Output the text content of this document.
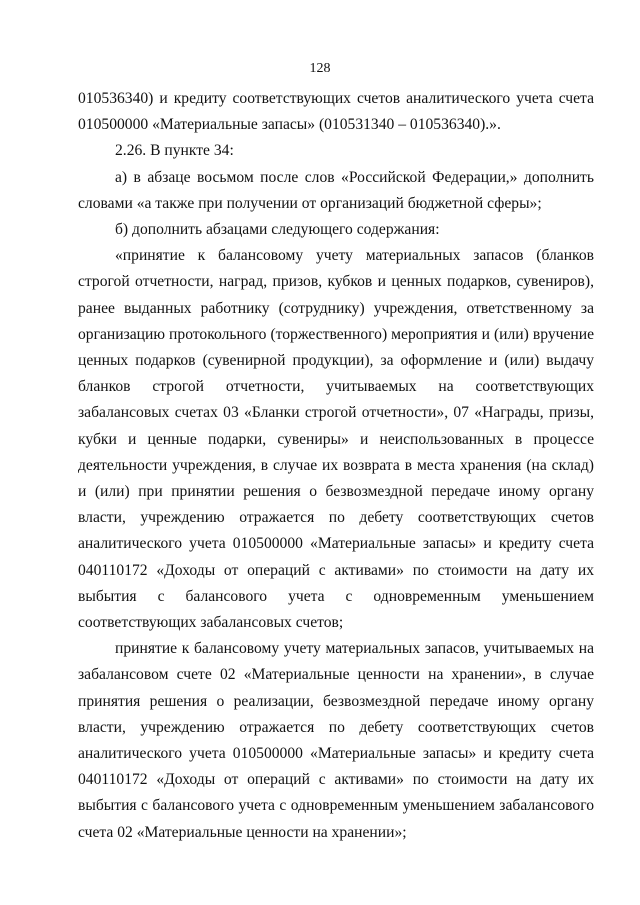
128

010536340) и кредиту соответствующих счетов аналитического учета счета 010500000 «Материальные запасы» (010531340 – 010536340).».

2.26. В пункте 34:

а) в абзаце восьмом после слов «Российской Федерации,» дополнить словами «а также при получении от организаций бюджетной сферы»;

б) дополнить абзацами следующего содержания:

«принятие к балансовому учету материальных запасов (бланков строгой отчетности, наград, призов, кубков и ценных подарков, сувениров), ранее выданных работнику (сотруднику) учреждения, ответственному за организацию протокольного (торжественного) мероприятия и (или) вручение ценных подарков (сувенирной продукции), за оформление и (или) выдачу бланков строгой отчетности, учитываемых на соответствующих забалансовых счетах 03 «Бланки строгой отчетности», 07 «Награды, призы, кубки и ценные подарки, сувениры» и неиспользованных в процессе деятельности учреждения, в случае их возврата в места хранения (на склад) и (или) при принятии решения о безвозмездной передаче иному органу власти, учреждению отражается по дебету соответствующих счетов аналитического учета 010500000 «Материальные запасы» и кредиту счета 040110172 «Доходы от операций с активами» по стоимости на дату их выбытия с балансового учета с одновременным уменьшением соответствующих забалансовых счетов;

принятие к балансовому учету материальных запасов, учитываемых на забалансовом счете 02 «Материальные ценности на хранении», в случае принятия решения о реализации, безвозмездной передаче иному органу власти, учреждению отражается по дебету соответствующих счетов аналитического учета 010500000 «Материальные запасы» и кредиту счета 040110172 «Доходы от операций с активами» по стоимости на дату их выбытия с балансового учета с одновременным уменьшением забалансового счета 02 «Материальные ценности на хранении»;
